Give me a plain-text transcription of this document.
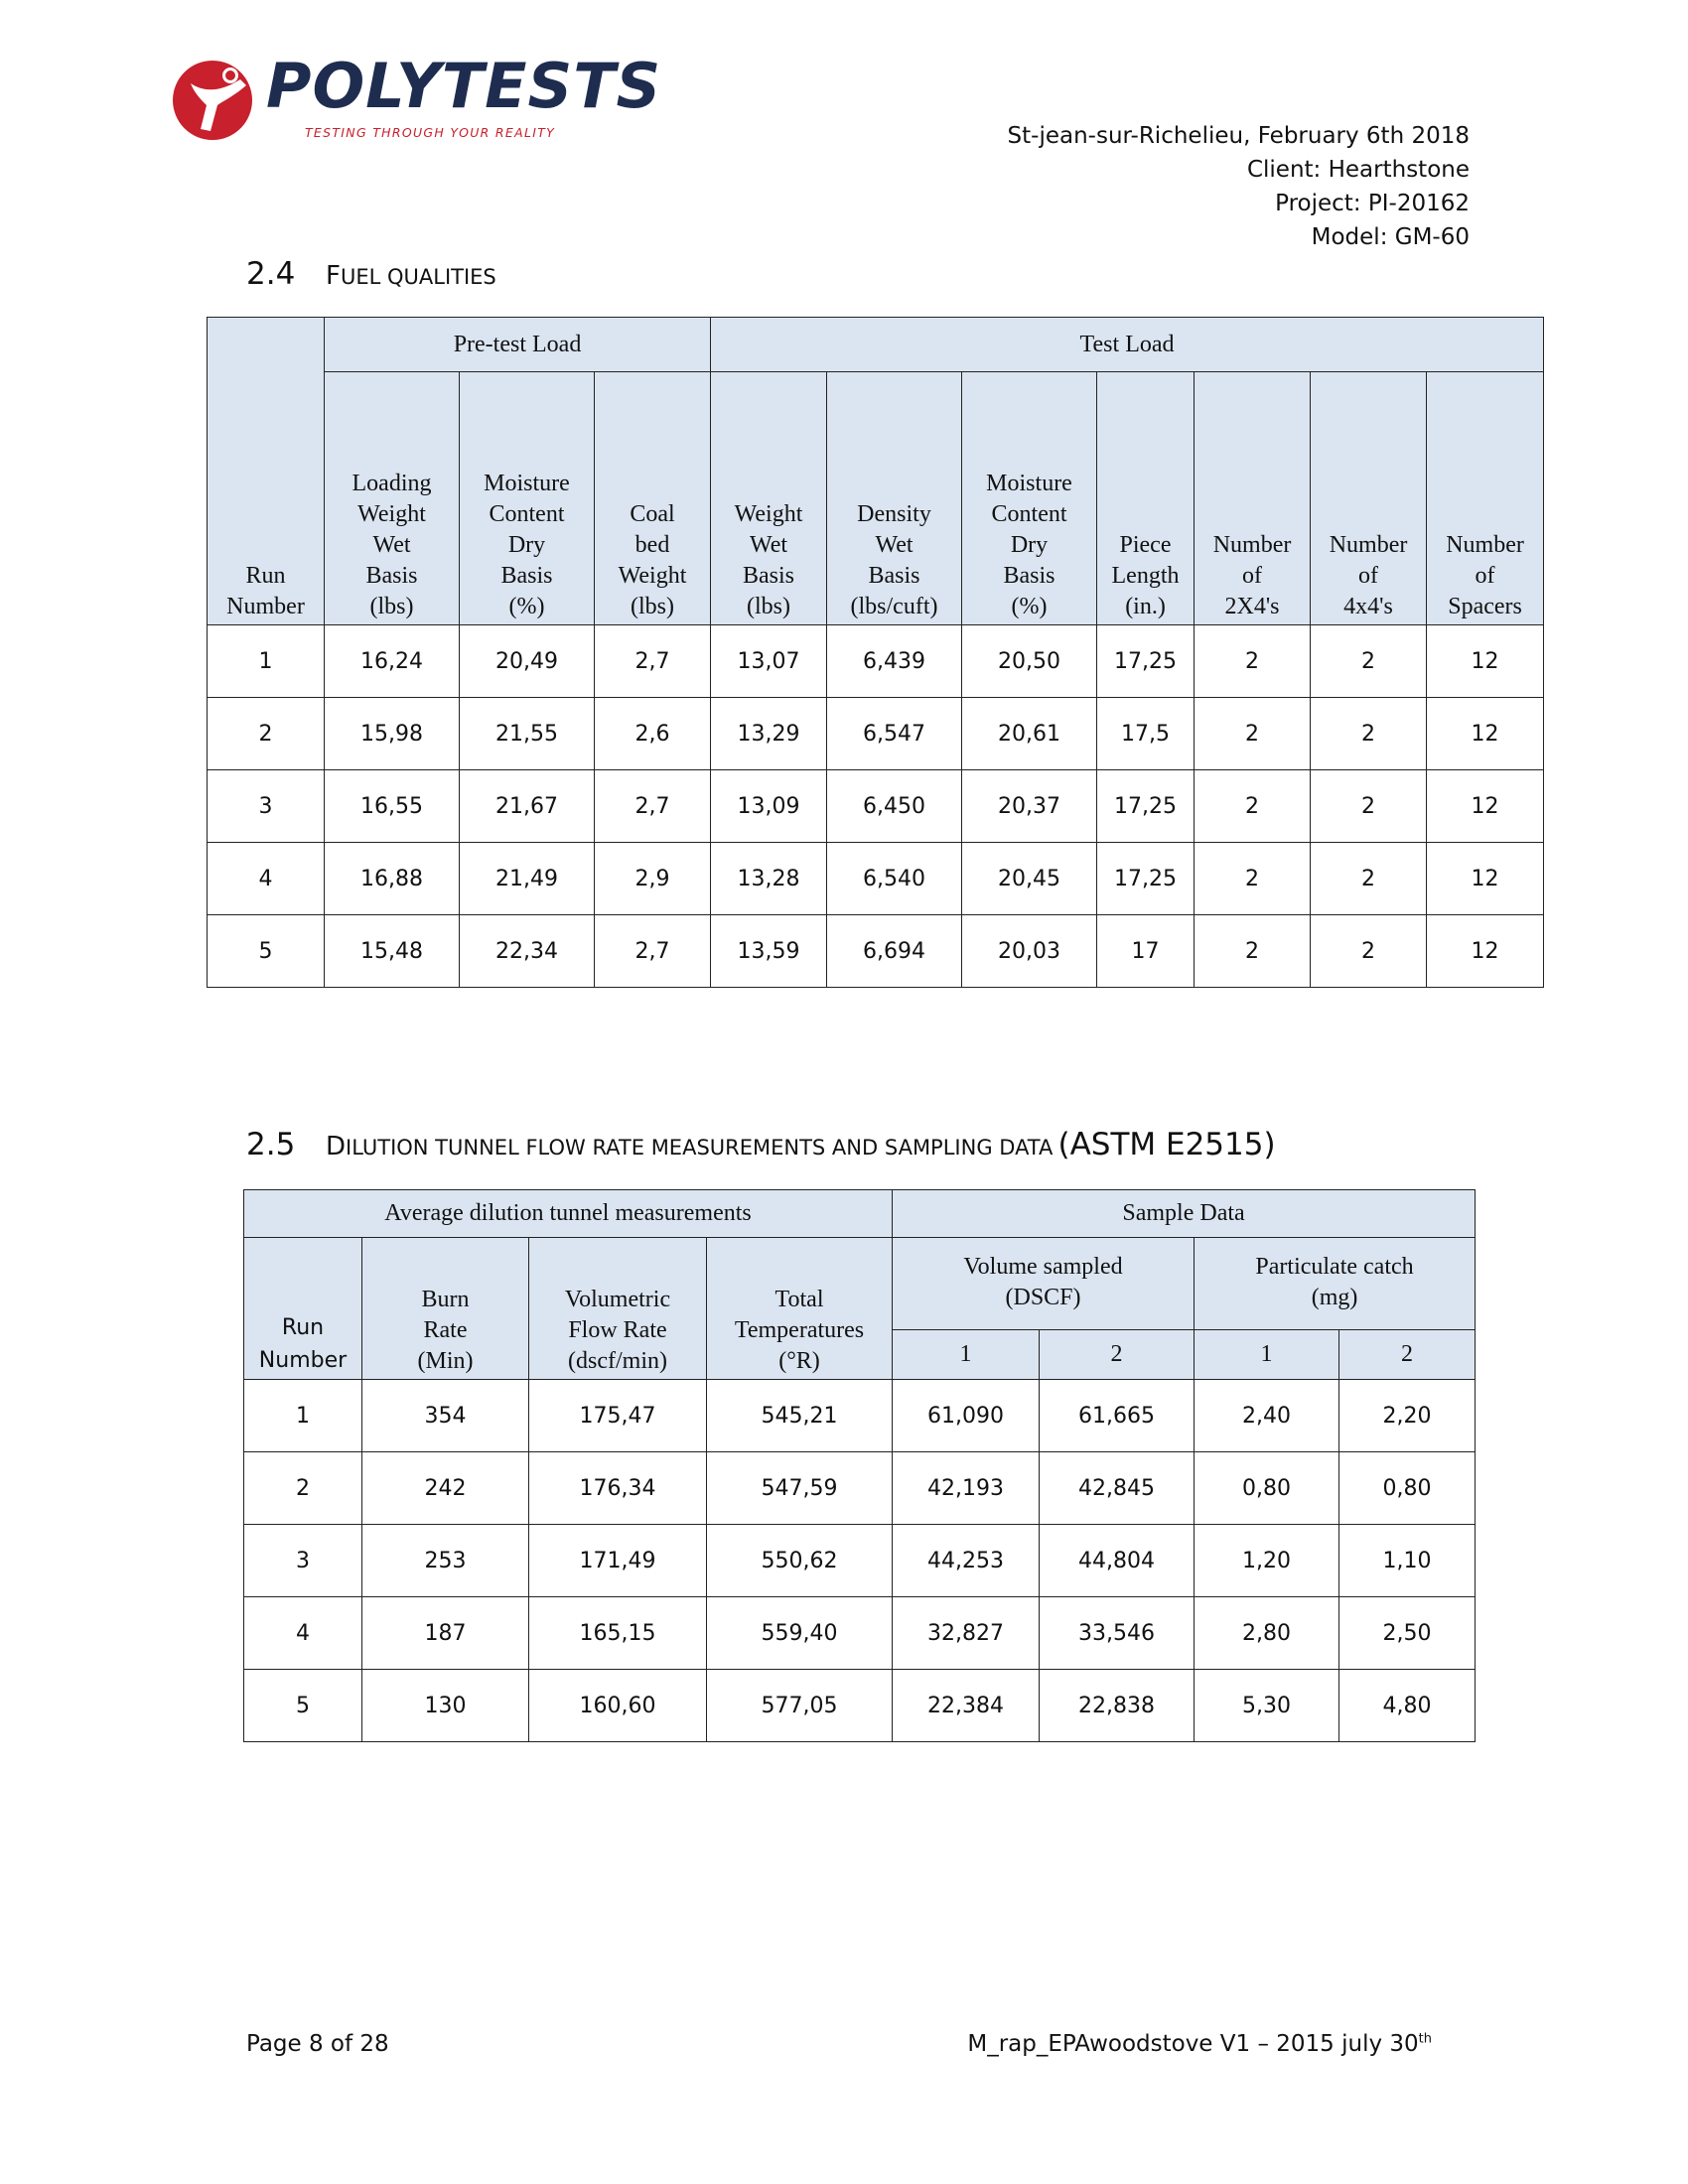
POLYTESTS
TESTING THROUGH YOUR REALITY	St-jean-sur-Richelieu, February 6th 2018
Client: Hearthstone
Project: PI-20162
Model: GM-60
2.4 FUEL QUALITIES
Run
Number	Pre-test Load			Test Load						

	Loading
Weight
Wet
Basis
(lbs)	Moisture
Content
Dry
Basis
(%)	Coal
bed
Weight
(lbs)	Weight
Wet
Basis
(lbs)	Density
Wet
Basis
(lbs/cuft)	Moisture
Content
Dry
Basis
(%)	Piece
Length
(in.)	Number
of
2X4's	Number
of
4x4's	Number
of
Spacers

1	16,24	20,49	2,7	13,07	6,439	20,50	17,25	2	2	12
2	15,98	21,55	2,6	13,29	6,547	20,61	17,5	2	2	12
3	16,55	21,67	2,7	13,09	6,450	20,37	17,25	2	2	12
4	16,88	21,49	2,9	13,28	6,540	20,45	17,25	2	2	12
5	15,48	22,34	2,7	13,59	6,694	20,03	17	2	2	12
2.5 DILUTION TUNNEL FLOW RATE MEASUREMENTS AND SAMPLING DATA (ASTM E2515)
Average dilution tunnel measurements				Sample Data			

Run
Number	Burn
Rate
(Min)	Volumetric
Flow Rate
(dscf/min)	Total
Temperatures
(°R)	Volume sampled
(DSCF)		Particulate catch
(mg)	

				1	2	1	2
1	354	175,47	545,21	61,090	61,665	2,40	2,20
2	242	176,34	547,59	42,193	42,845	0,80	0,80
3	253	171,49	550,62	44,253	44,804	1,20	1,10
4	187	165,15	559,40	32,827	33,546	2,80	2,50
5	130	160,60	577,05	22,384	22,838	5,30	4,80
Page 8 of 28	M_rap_EPAwoodstove V1 – 2015 july 30th
